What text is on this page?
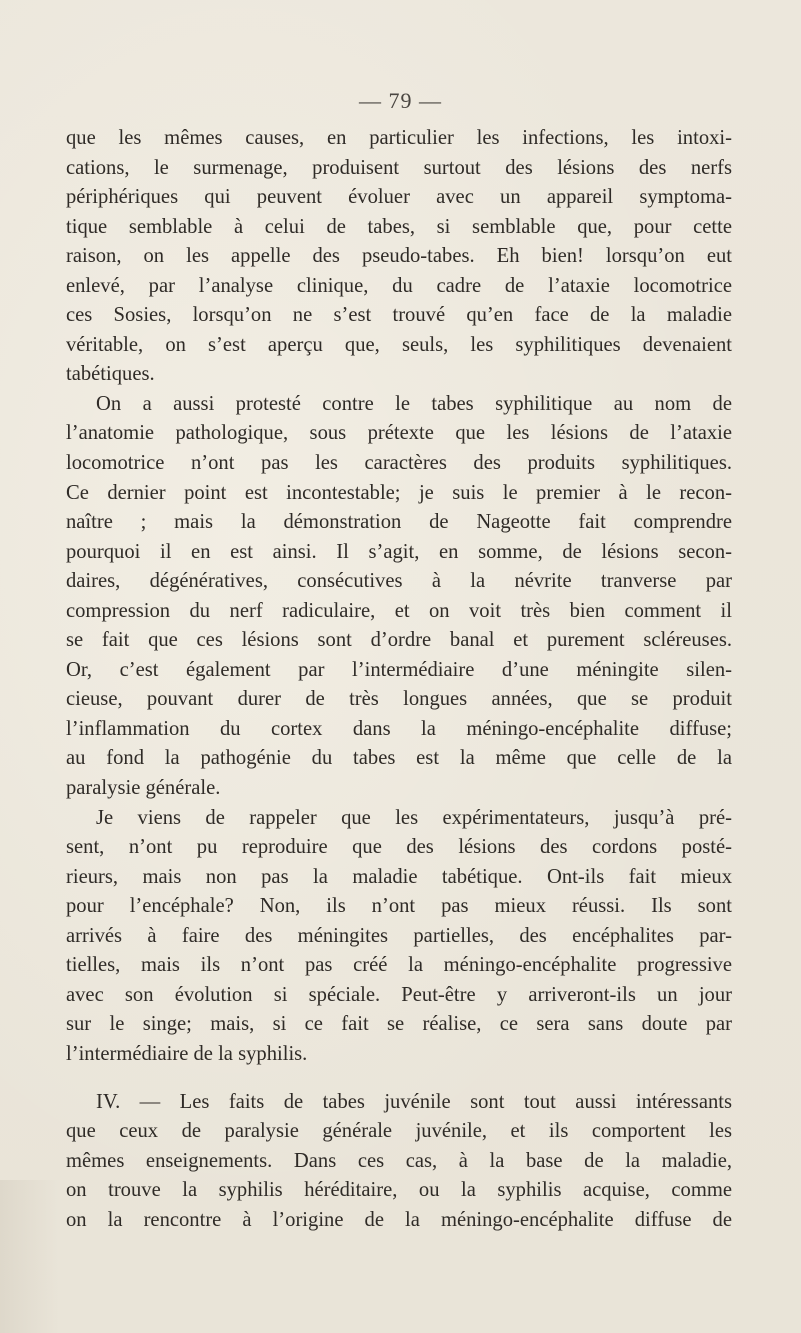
— 79 —
que les mêmes causes, en particulier les infections, les intoxi-
cations, le surmenage, produisent surtout des lésions des nerfs
périphériques qui peuvent évoluer avec un appareil symptoma-
tique semblable à celui de tabes, si semblable que, pour cette
raison, on les appelle des pseudo-tabes. Eh bien! lorsqu’on eut
enlevé, par l’analyse clinique, du cadre de l’ataxie locomotrice
ces Sosies, lorsqu’on ne s’est trouvé qu’en face de la maladie
véritable, on s’est aperçu que, seuls, les syphilitiques devenaient
tabétiques.
On a aussi protesté contre le tabes syphilitique au nom de
l’anatomie pathologique, sous prétexte que les lésions de l’ataxie
locomotrice n’ont pas les caractères des produits syphilitiques.
Ce dernier point est incontestable; je suis le premier à le recon-
naître ; mais la démonstration de Nageotte fait comprendre
pourquoi il en est ainsi. Il s’agit, en somme, de lésions secon-
daires, dégénératives, consécutives à la névrite tranverse par
compression du nerf radiculaire, et on voit très bien comment il
se fait que ces lésions sont d’ordre banal et purement scléreuses.
Or, c’est également par l’intermédiaire d’une méningite silen-
cieuse, pouvant durer de très longues années, que se produit
l’inflammation du cortex dans la méningo-encéphalite diffuse;
au fond la pathogénie du tabes est la même que celle de la
paralysie générale.
Je viens de rappeler que les expérimentateurs, jusqu’à pré-
sent, n’ont pu reproduire que des lésions des cordons posté-
rieurs, mais non pas la maladie tabétique. Ont-ils fait mieux
pour l’encéphale? Non, ils n’ont pas mieux réussi. Ils sont
arrivés à faire des méningites partielles, des encéphalites par-
tielles, mais ils n’ont pas créé la méningo-encéphalite progressive
avec son évolution si spéciale. Peut-être y arriveront-ils un jour
sur le singe; mais, si ce fait se réalise, ce sera sans doute par
l’intermédiaire de la syphilis.
IV. — Les faits de tabes juvénile sont tout aussi intéressants
que ceux de paralysie générale juvénile, et ils comportent les
mêmes enseignements. Dans ces cas, à la base de la maladie,
on trouve la syphilis héréditaire, ou la syphilis acquise, comme
on la rencontre à l’origine de la méningo-encéphalite diffuse de
